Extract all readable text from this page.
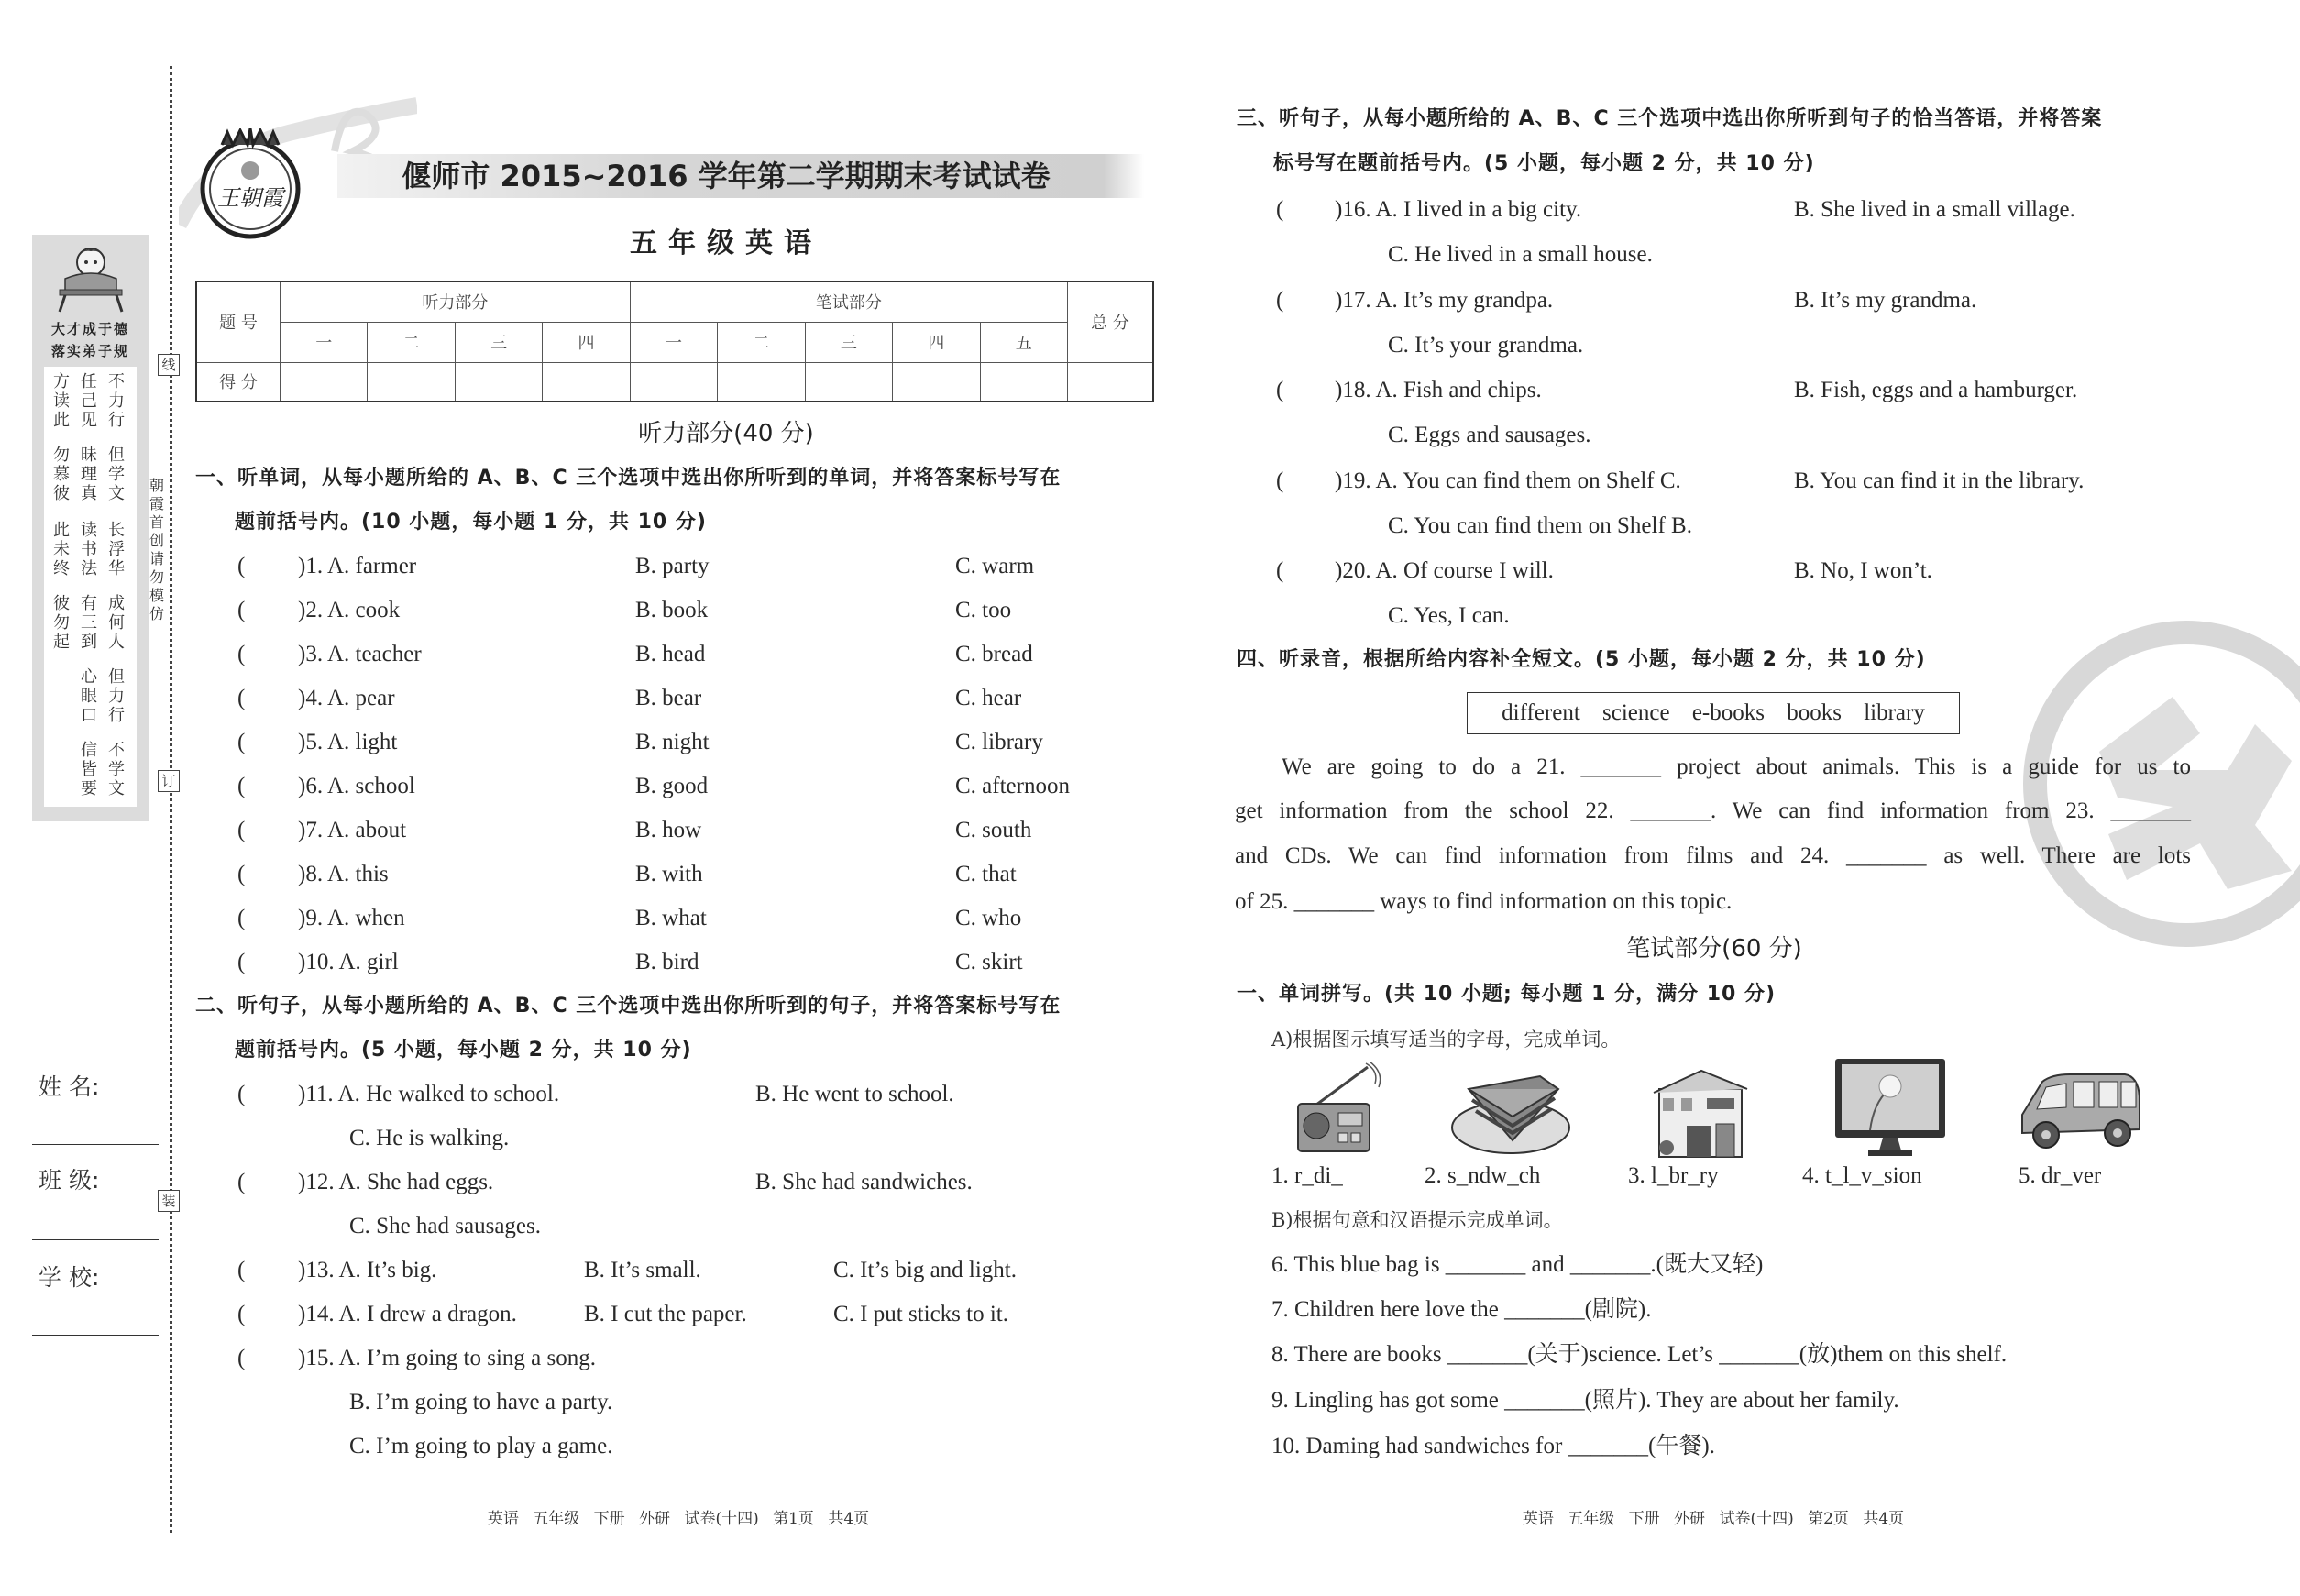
大才成于德
落实弟子规
方读此
勿慕彼
此未终
彼勿起
任己见
昧理真
读书法
有三到
心眼口
信皆要
不力行
但学文
长浮华
成何人
但力行
不学文
朝霞首创 请勿模仿
姓 名:
班 级:
学 校:
王朝霞
偃师市 2015~2016 学年第二学期期末考试试卷
五年级英语
题 号	听力部分				笔试部分					总 分
	一	二	三	四	一	二	三	四	五	
得 分										
线
订
装
听力部分(40 分)
一、听单词，从每小题所给的 A、B、C 三个选项中选出你所听到的单词，并将答案标号写在
题前括号内。(10 小题，每小题 1 分，共 10 分)
( )1. A. farmer	B. party	C. warm
( )2. A. cook	B. book	C. too
( )3. A. teacher	B. head	C. bread
( )4. A. pear	B. bear	C. hear
( )5. A. light	B. night	C. library
( )6. A. school	B. good	C. afternoon
( )7. A. about	B. how	C. south
( )8. A. this	B. with	C. that
( )9. A. when	B. what	C. who
( )10. A. girl	B. bird	C. skirt
二、听句子，从每小题所给的 A、B、C 三个选项中选出你所听到的句子，并将答案标号写在
题前括号内。(5 小题，每小题 2 分，共 10 分)
( )11. A. He walked to school.	B. He went to school.
C. He is walking.
( )12. A. She had eggs.	B. She had sandwiches.
C. She had sausages.
( )13. A. It’s big.	B. It’s small.	C. It’s big and light.
( )14. A. I drew a dragon.	B. I cut the paper.	C. I put sticks to it.
( )15. A. I’m going to sing a song.
B. I’m going to have a party.
C. I’m going to play a game.
英语 五年级 下册 外研 试卷(十四) 第1页 共4页
三、听句子，从每小题所给的 A、B、C 三个选项中选出你所听到句子的恰当答语，并将答案
标号写在题前括号内。(5 小题，每小题 2 分，共 10 分)
( )16. A. I lived in a big city.	B. She lived in a small village.
C. He lived in a small house.
( )17. A. It’s my grandpa.	B. It’s my grandma.
C. It’s your grandma.
( )18. A. Fish and chips.	B. Fish, eggs and a hamburger.
C. Eggs and sausages.
( )19. A. You can find them on Shelf C.	B. You can find it in the library.
C. You can find them on Shelf B.
( )20. A. Of course I will.	B. No, I won’t.
C. Yes, I can.
四、听录音，根据所给内容补全短文。(5 小题，每小题 2 分，共 10 分)
different science e-books books library
We are going to do a 21. _______ project about animals. This is a guide for us to
get information from the school 22. _______. We can find information from 23. _______
and CDs. We can find information from films and 24. _______ as well. There are lots
of 25. _______ ways to find information on this topic.
笔试部分(60 分)
一、单词拼写。(共 10 小题; 每小题 1 分，满分 10 分)
A)根据图示填写适当的字母，完成单词。
1. r_di_	2. s_ndw_ch	3. l_br_ry	4. t_l_v_sion	5. dr_ver
B)根据句意和汉语提示完成单词。
6. This blue bag is _______ and _______.(既大又轻)
7. Children here love the _______(剧院).
8. There are books _______(关于)science. Let’s _______(放)them on this shelf.
9. Lingling has got some _______(照片). They are about her family.
10. Daming had sandwiches for _______(午餐).
英语 五年级 下册 外研 试卷(十四) 第2页 共4页
